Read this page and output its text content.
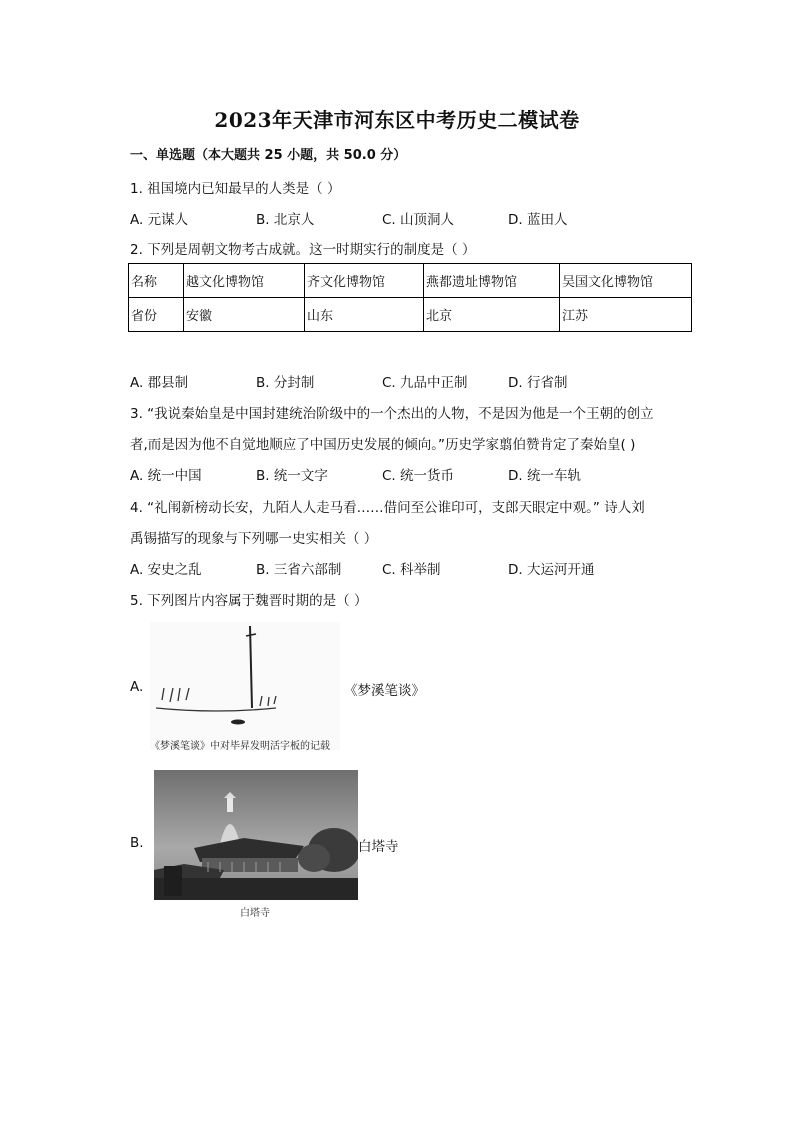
2023年天津市河东区中考历史二模试卷
一、单选题（本大题共 25 小题，共 50.0 分）
1. 祖国境内已知最早的人类是（ ）
A. 元谋人	B. 北京人	C. 山顶洞人	D. 蓝田人
2. 下列是周朝文物考古成就。这一时期实行的制度是（ ）
名称	越文化博物馆	齐文化博物馆	燕都遗址博物馆	吴国文化博物馆
省份	安徽	山东	北京	江苏
A. 郡县制	B. 分封制	C. 九品中正制	D. 行省制
3. “我说秦始皇是中国封建统治阶级中的一个杰出的人物，不是因为他是一个王朝的创立
者,而是因为他不自觉地顺应了中国历史发展的倾向。”历史学家翦伯赞肯定了秦始皇( )
A. 统一中国	B. 统一文字	C. 统一货币	D. 统一车轨
4. “礼闱新榜动长安，九陌人人走马看……借问至公谁印可，支郎天眼定中观。” 诗人刘
禹锡描写的现象与下列哪一史实相关（ ）
A. 安史之乱	B. 三省六部制	C. 科举制	D. 大运河开通
5. 下列图片内容属于魏晋时期的是（ ）
A.
《梦溪笔谈》中对毕昇发明活字板的记载
《梦溪笔谈》
B.
白塔寺
白塔寺
